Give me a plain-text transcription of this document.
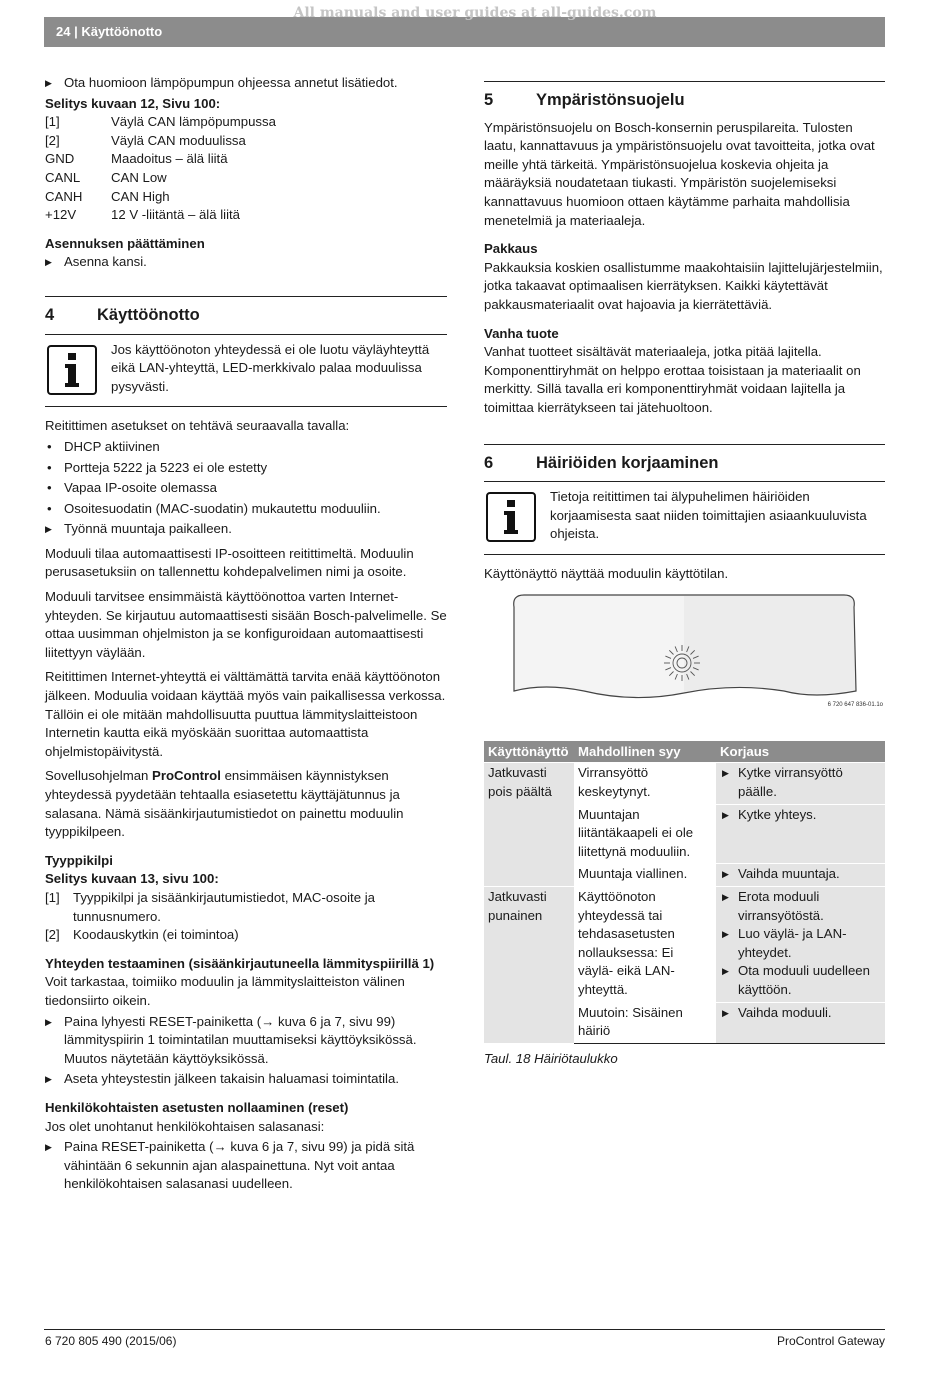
All manuals and user guides at all-guides.com
24 | Käyttöönotto

▶ Ota huomioon lämpöpumpun ohjeessa annetut lisätiedot.

Selitys kuvaan 12, Sivu 100:

[1]	Väylä CAN lämpöpumpussa
[2]	Väylä CAN moduulissa
GND	Maadoitus – älä liitä
CANL	CAN Low
CANH	CAN High
+12V	12 V -liitäntä – älä liitä
Asennuksen päättäminen

▶ Asenna kansi.

4	Käyttöönotto
Jos käyttöönoton yhteydessä ei ole luotu väyläyhteyttä eikä LAN-yhteyttä, LED-merkkivalo palaa moduulissa pysyvästi.

Reitittimen asetukset on tehtävä seuraavalla tavalla:

• DHCP aktiivinen

• Portteja 5222 ja 5223 ei ole estetty

• Vapaa IP-osoite olemassa

• Osoitesuodatin (MAC-suodatin) mukautettu moduuliin.

▶ Työnnä muuntaja paikalleen.

Moduuli tilaa automaattisesti IP-osoitteen reitittimeltä. Moduulin perusasetuksiin on tallennettu kohdepalvelimen nimi ja osoite.

Moduuli tarvitsee ensimmäistä käyttöönottoa varten Internet-yhteyden. Se kirjautuu automaattisesti sisään Bosch-palvelimelle. Se ottaa uusimman ohjelmiston ja se konfiguroidaan automaattisesti liitettyyn väylään.

Reitittimen Internet-yhteyttä ei välttämättä tarvita enää käyttöönoton jälkeen. Moduulia voidaan käyttää myös vain paikallisessa verkossa. Tällöin ei ole mitään mahdollisuutta puuttua lämmityslaitteistoon Internetin kautta eikä myöskään suorittaa automaattista ohjelmistopäivitystä.

Sovellusohjelman ProControl ensimmäisen käynnistyksen yhteydessä pyydetään tehtaalla esiasetettu käyttäjätunnus ja salasana. Nämä sisäänkirjautumistiedot on painettu moduulin tyyppikilpeen.

Tyyppikilpi

Selitys kuvaan 13, sivu 100:

[1]	Tyyppikilpi ja sisäänkirjautumistiedot, MAC-osoite ja tunnusnumero.
[2]	Koodauskytkin (ei toimintoa)
Yhteyden testaaminen (sisäänkirjautuneella lämmityspiirillä 1)

Voit tarkastaa, toimiiko moduulin ja lämmityslaitteiston välinen tiedonsiirto oikein.

▶ Paina lyhyesti RESET-painiketta (→ kuva 6 ja 7, sivu 99) lämmityspiirin 1 toimintatilan muuttamiseksi käyttöyksikössä. Muutos näytetään käyttöyksikössä.

▶ Aseta yhteystestin jälkeen takaisin haluamasi toimintatila.

Henkilökohtaisten asetusten nollaaminen (reset)

Jos olet unohtanut henkilökohtaisen salasanasi:

▶ Paina RESET-painiketta (→ kuva 6 ja 7, sivu 99) ja pidä sitä vähintään 6 sekunnin ajan alaspainettuna. Nyt voit antaa henkilökohtaisen salasanasi uudelleen.

5	Ympäristönsuojelu

Ympäristönsuojelu on Bosch-konsernin peruspilareita. Tulosten laatu, kannattavuus ja ympäristönsuojelu ovat tavoitteita, jotka ovat meille yhtä tärkeitä. Ympäristönsuojelua koskevia ohjeita ja määräyksiä noudatetaan tiukasti. Ympäristön suojelemiseksi kannattavuus huomioon ottaen käytämme parhaita mahdollisia menetelmiä ja materiaaleja.

Pakkaus

Pakkauksia koskien osallistumme maakohtaisiin lajittelujärjestelmiin, jotka takaavat optimaalisen kierrätyksen. Kaikki käytettävät pakkausmateriaalit ovat hajoavia ja kierrätettäviä.

Vanha tuote

Vanhat tuotteet sisältävät materiaaleja, jotka pitää lajitella. Komponenttiryhmät on helppo erottaa toisistaan ja materiaalit on merkitty. Sillä tavalla eri komponenttiryhmät voidaan lajitella ja toimittaa kierrätykseen tai jätehuoltoon.

6	Häiriöiden korjaaminen
Tietoja reitittimen tai älypuhelimen häiriöiden korjaamisesta saat niiden toimittajien asiaankuuluvista ohjeista.

Käyttönäyttö näyttää moduulin käyttötilan.

6 720 647 836-01.1o
Käyttönäyttö	Mahdollinen syy	Korjaus
Jatkuvasti pois päältä	Virransyöttö keskeytynyt.	▶ Kytke virransyöttö päälle.

	Muuntajan liitäntäkaapeli ei ole liitettynä moduuliin.	▶ Kytke yhteys.

	Muuntaja viallinen.	▶ Vaihda muuntaja.

Jatkuvasti punainen	Käyttöönoton yhteydessä tai tehdasasetusten nollauksessa: Ei väylä- eikä LAN-yhteyttä.	▶ Erota moduuli virransyötöstä.

▶ Luo väylä- ja LAN-yhteydet.

▶ Ota moduuli uudelleen käyttöön.

	Muutoin: Sisäinen häiriö	▶ Vaihda moduuli.

Taul. 18 Häiriötaulukko

6 720 805 490 (2015/06)	ProControl Gateway
